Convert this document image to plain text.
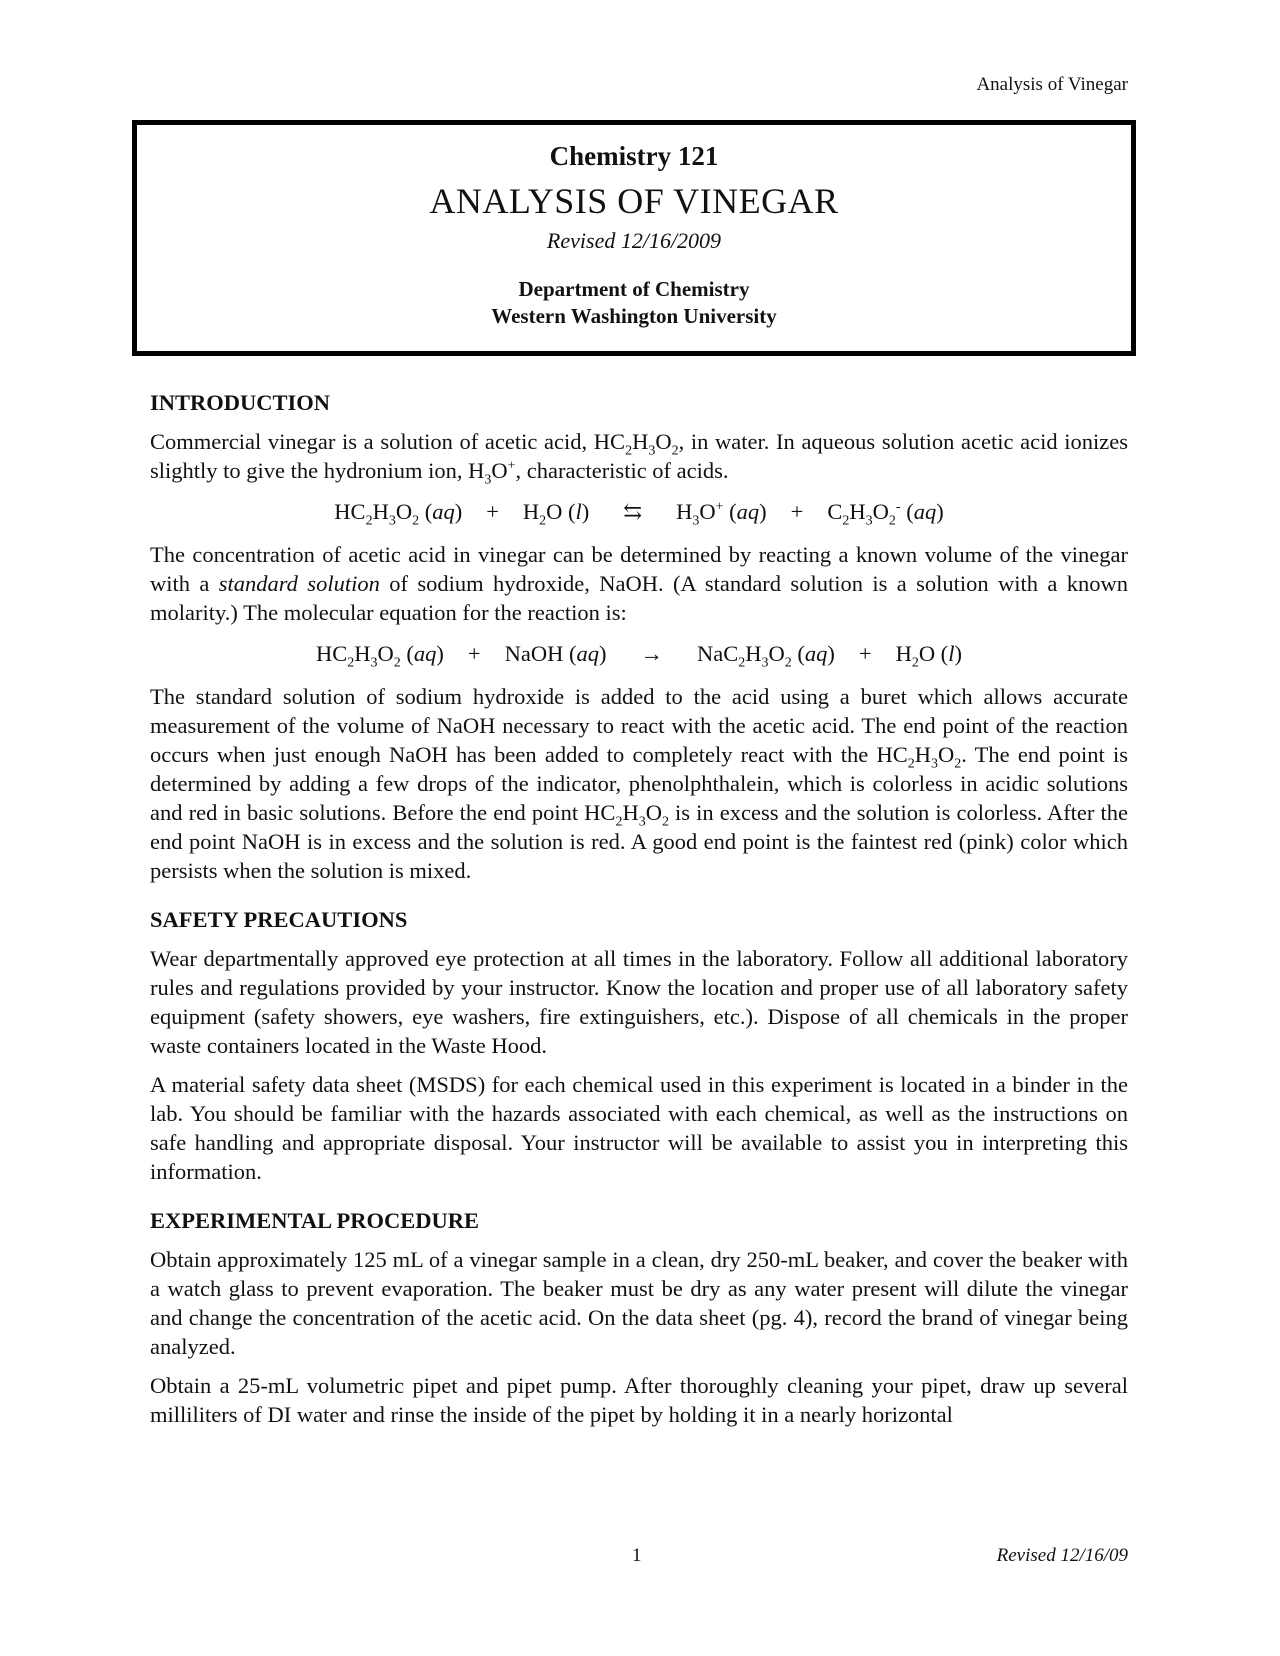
Analysis of Vinegar
Chemistry 121
ANALYSIS OF VINEGAR
Revised 12/16/2009
Department of Chemistry
Western Washington University
INTRODUCTION

Commercial vinegar is a solution of acetic acid, $HC_2H_3O_2$, in water. In aqueous solution acetic acid ionizes slightly to give the hydronium ion, $H_3O^+$, characteristic of acids.

$HC_2H_3O_2$ $(aq) + H_2O$ (l)	⇆	$H_3O^+$ $(aq) + C_2H_3O_2^-$ (aq)

The concentration of acetic acid in vinegar can be determined by reacting a known volume of the vinegar with a standard solution of sodium hydroxide, NaOH. (A standard solution is a solution with a known molarity.) The molecular equation for the reaction is:

$HC_2H_3O_2$ (aq) + NaOH (aq)	→	$NaC_2H_3O_2$ $(aq) + H_2O$ (l)

The standard solution of sodium hydroxide is added to the acid using a buret which allows accurate measurement of the volume of NaOH necessary to react with the acetic acid. The end point of the reaction occurs when just enough NaOH has been added to completely react with the $HC_2H_3O_2$. The end point is determined by adding a few drops of the indicator, phenolphthalein, which is colorless in acidic solutions and red in basic solutions. Before the end point $HC_2H_3O_2$ is in excess and the solution is colorless. After the end point NaOH is in excess and the solution is red. A good end point is the faintest red (pink) color which persists when the solution is mixed.

SAFETY PRECAUTIONS

Wear departmentally approved eye protection at all times in the laboratory. Follow all additional laboratory rules and regulations provided by your instructor. Know the location and proper use of all laboratory safety equipment (safety showers, eye washers, fire extinguishers, etc.). Dispose of all chemicals in the proper waste containers located in the Waste Hood.

A material safety data sheet (MSDS) for each chemical used in this experiment is located in a binder in the lab. You should be familiar with the hazards associated with each chemical, as well as the instructions on safe handling and appropriate disposal. Your instructor will be available to assist you in interpreting this information.

EXPERIMENTAL PROCEDURE

Obtain approximately 125 mL of a vinegar sample in a clean, dry 250-mL beaker, and cover the beaker with a watch glass to prevent evaporation. The beaker must be dry as any water present will dilute the vinegar and change the concentration of the acetic acid. On the data sheet (pg. 4), record the brand of vinegar being analyzed.

Obtain a 25-mL volumetric pipet and pipet pump. After thoroughly cleaning your pipet, draw up several milliliters of DI water and rinse the inside of the pipet by holding it in a nearly horizontal

1	Revised 12/16/09
